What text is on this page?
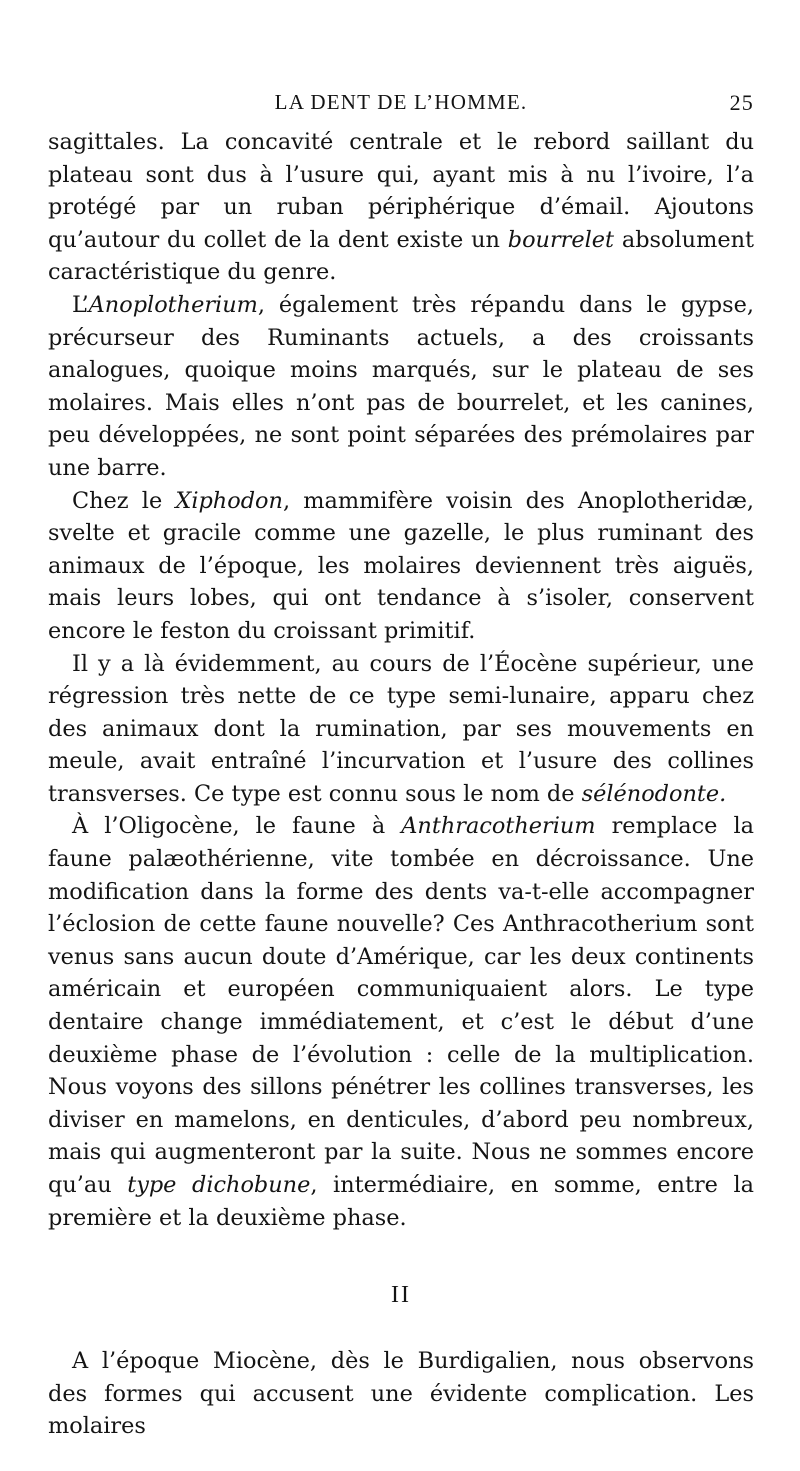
LA DENT DE L’HOMME.	25

sagittales. La concavité centrale et le rebord saillant du plateau sont dus à l’usure qui, ayant mis à nu l’ivoire, l’a protégé par un ruban périphérique d’émail. Ajoutons qu’autour du collet de la dent existe un bourrelet absolument caractéristique du genre.

L’Anoplotherium, également très répandu dans le gypse, précurseur des Ruminants actuels, a des croissants analogues, quoique moins marqués, sur le plateau de ses molaires. Mais elles n’ont pas de bourrelet, et les canines, peu développées, ne sont point séparées des prémolaires par une barre.

Chez le Xiphodon, mammifère voisin des Anoplotheridæ, svelte et gracile comme une gazelle, le plus ruminant des animaux de l’époque, les molaires deviennent très aiguës, mais leurs lobes, qui ont tendance à s’isoler, conservent encore le feston du croissant primitif.

Il y a là évidemment, au cours de l’Éocène supérieur, une régression très nette de ce type semi-lunaire, apparu chez des animaux dont la rumination, par ses mouvements en meule, avait entraîné l’incurvation et l’usure des collines transverses. Ce type est connu sous le nom de sélénodonte.

À l’Oligocène, le faune à Anthracotherium remplace la faune palæothérienne, vite tombée en décroissance. Une modification dans la forme des dents va-t-elle accompagner l’éclosion de cette faune nouvelle? Ces Anthracotherium sont venus sans aucun doute d’Amérique, car les deux continents américain et européen communiquaient alors. Le type dentaire change immédiatement, et c’est le début d’une deuxième phase de l’évolution : celle de la multiplication. Nous voyons des sillons pénétrer les collines transverses, les diviser en mamelons, en denticules, d’abord peu nombreux, mais qui augmenteront par la suite. Nous ne sommes encore qu’au type dichobune, intermédiaire, en somme, entre la première et la deuxième phase.

II

A l’époque Miocène, dès le Burdigalien, nous observons des formes qui accusent une évidente complication. Les molaires
